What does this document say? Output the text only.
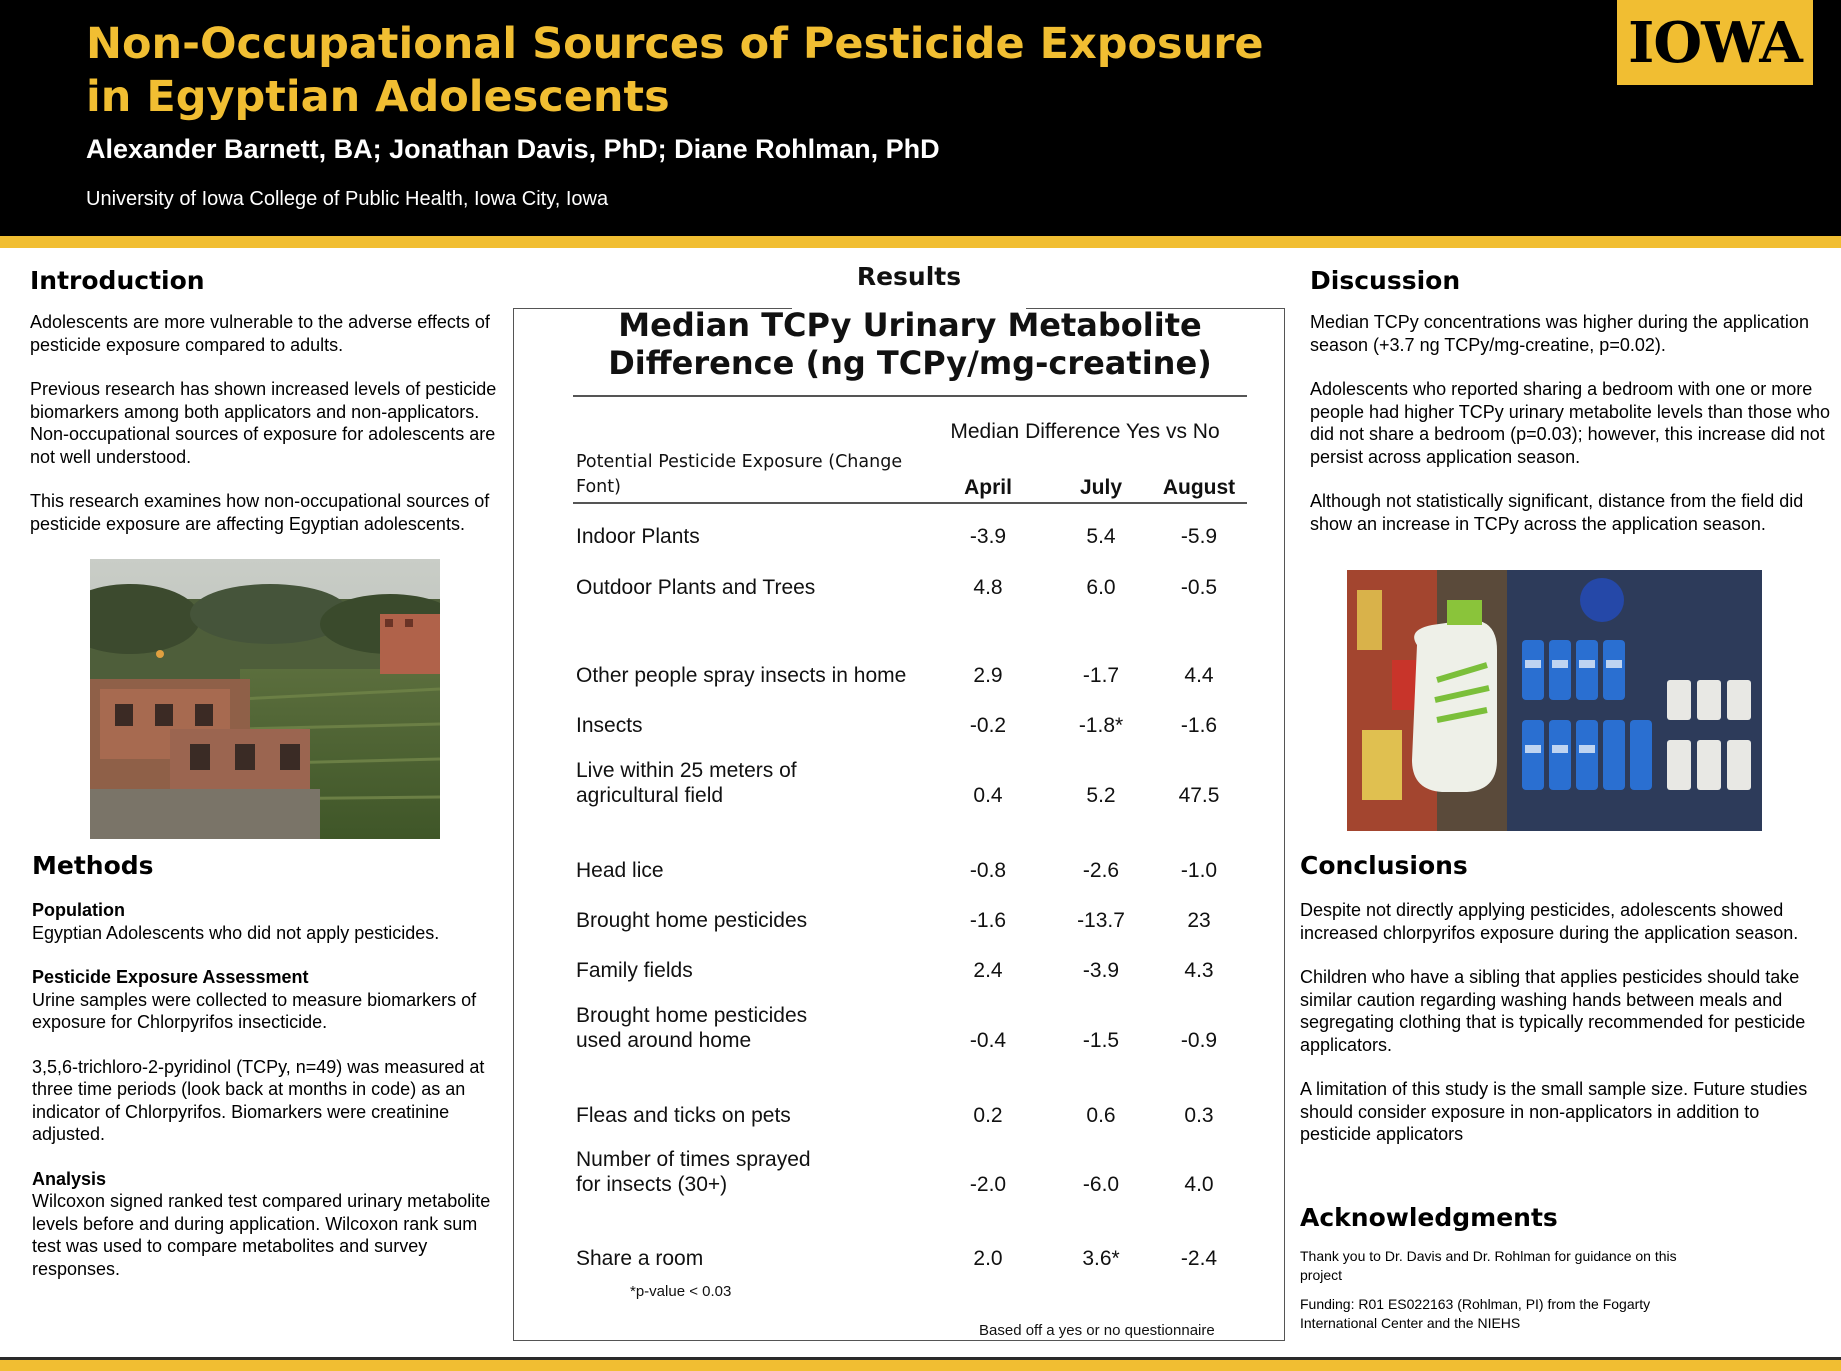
Non-Occupational Sources of Pesticide Exposure
in Egyptian Adolescents
Alexander Barnett, BA; Jonathan Davis, PhD; Diane Rohlman, PhD
University of Iowa College of Public Health, Iowa City, Iowa
IOWA
Introduction

Adolescents are more vulnerable to the adverse effects of pesticide exposure compared to adults.

Previous research has shown increased levels of pesticide biomarkers among both applicators and non-applicators. Non-occupational sources of exposure for adolescents are not well understood.

This research examines how non-occupational sources of pesticide exposure are affecting Egyptian adolescents.

Methods

Population
Egyptian Adolescents who did not apply pesticides.

Pesticide Exposure Assessment
Urine samples were collected to measure biomarkers of exposure for Chlorpyrifos insecticide.

3,5,6-trichloro-2-pyridinol (TCPy, n=49) was measured at three time periods (look back at months in code) as an indicator of Chlorpyrifos. Biomarkers were creatinine adjusted.

Analysis
Wilcoxon signed ranked test compared urinary metabolite levels before and during application. Wilcoxon rank sum test was used to compare metabolites and survey responses.

Results
Median TCPy Urinary Metabolite
Difference (ng TCPy/mg-creatine)
Median Difference Yes vs No
Potential Pesticide Exposure (Change Font)	April	July	August
Indoor Plants	-3.9	5.4	-5.9
Outdoor Plants and Trees	4.8	6.0	-0.5
Other people spray insects in home	2.9	-1.7	4.4
Insects	-0.2	-1.8*	-1.6
Live within 25 meters of agricultural field	0.4	5.2	47.5
Head lice	-0.8	-2.6	-1.0
Brought home pesticides	-1.6	-13.7	23
Family fields	2.4	-3.9	4.3
Brought home pesticides used around home	-0.4	-1.5	-0.9
Fleas and ticks on pets	0.2	0.6	0.3
Number of times sprayed for insects (30+)	-2.0	-6.0	4.0
Share a room	2.0	3.6*	-2.4
*p-value < 0.03
Based off a yes or no questionnaire
Discussion

Median TCPy concentrations was higher during the application season (+3.7 ng TCPy/mg-creatine, p=0.02).

Adolescents who reported sharing a bedroom with one or more people had higher TCPy urinary metabolite levels than those who did not share a bedroom (p=0.03); however, this increase did not persist across application season.

Although not statistically significant, distance from the field did show an increase in TCPy across the application season.

Conclusions

Despite not directly applying pesticides, adolescents showed increased chlorpyrifos exposure during the application season.

Children who have a sibling that applies pesticides should take similar caution regarding washing hands between meals and segregating clothing that is typically recommended for pesticide applicators.

A limitation of this study is the small sample size. Future studies should consider exposure in non-applicators in addition to pesticide applicators

Acknowledgments

Thank you to Dr. Davis and Dr. Rohlman for guidance on this project

Funding: R01 ES022163 (Rohlman, PI) from the Fogarty International Center and the NIEHS
